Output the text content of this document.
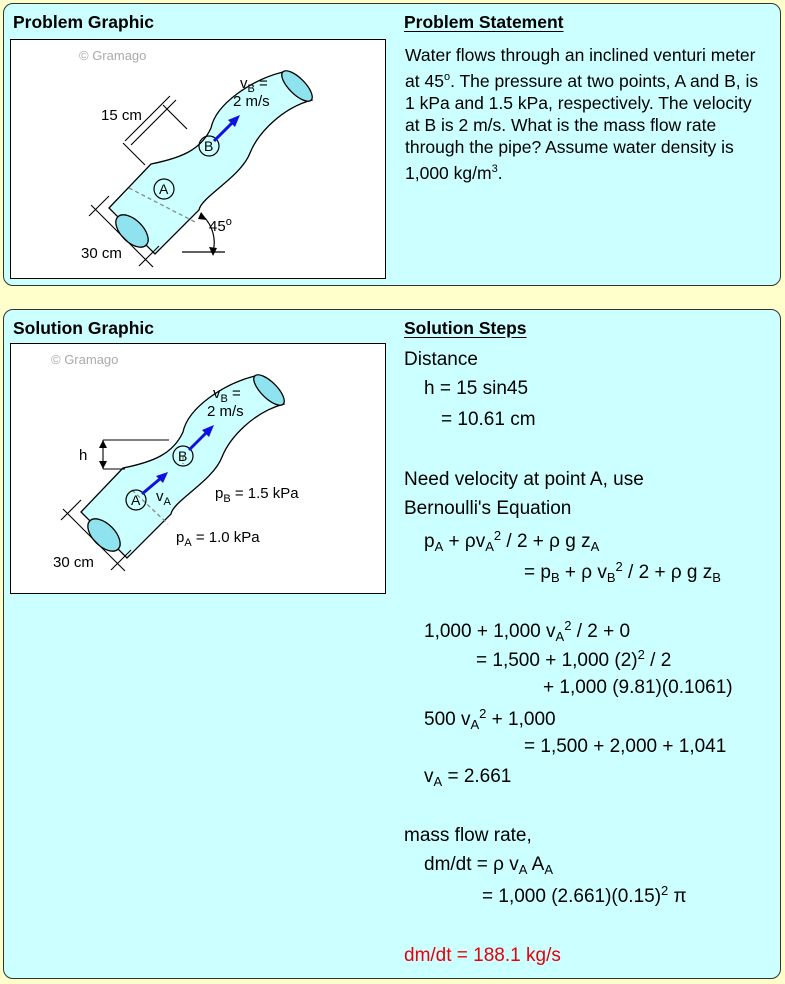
Problem Graphic	Problem Statement
© Gramago
45$^o$
15 cm
30 cm
A
B
$v_B$ =
2 m/s
Water flows through an inclined venturi meter at 45$^o$. The pressure at two points, A and B, is 1 kPa and 1.5 kPa, respectively. The velocity at B is 2 m/s. What is the mass flow rate through the pipe? Assume water density is 1,000 $kg/m^3$.
Solution Graphic	Solution Steps
© Gramago
h
30 cm
A
B
$v_A$
$v_B$ =
2 m/s
$p_B = 1.5$ kPa
$p_A = 1.0$ kPa
Distance
h = 15 sin45
= 10.61 cm
Need velocity at point A, use
Bernoulli's Equation
$p_A + \rho v_A^2 / 2 + \rho$ g $z_A$
= $p_B + \rho$ $v_B^2 / 2 + \rho$ g $z_B$
1,000 + 1,000 $v_A^2 / 2 + 0$
= 1,500 + 1,000 $(2)^2 / 2$
+ 1,000 (9.81)(0.1061)
500 $v_A^2 + 1,000$
= 1,500 + 2,000 + 1,041
$v_A = 2.661$
mass flow rate,
dm/dt = ρ $v_A$ $A_A$
= 1,000 $(2.661)(0.15)^2$ π
dm/dt = 188.1 kg/s
